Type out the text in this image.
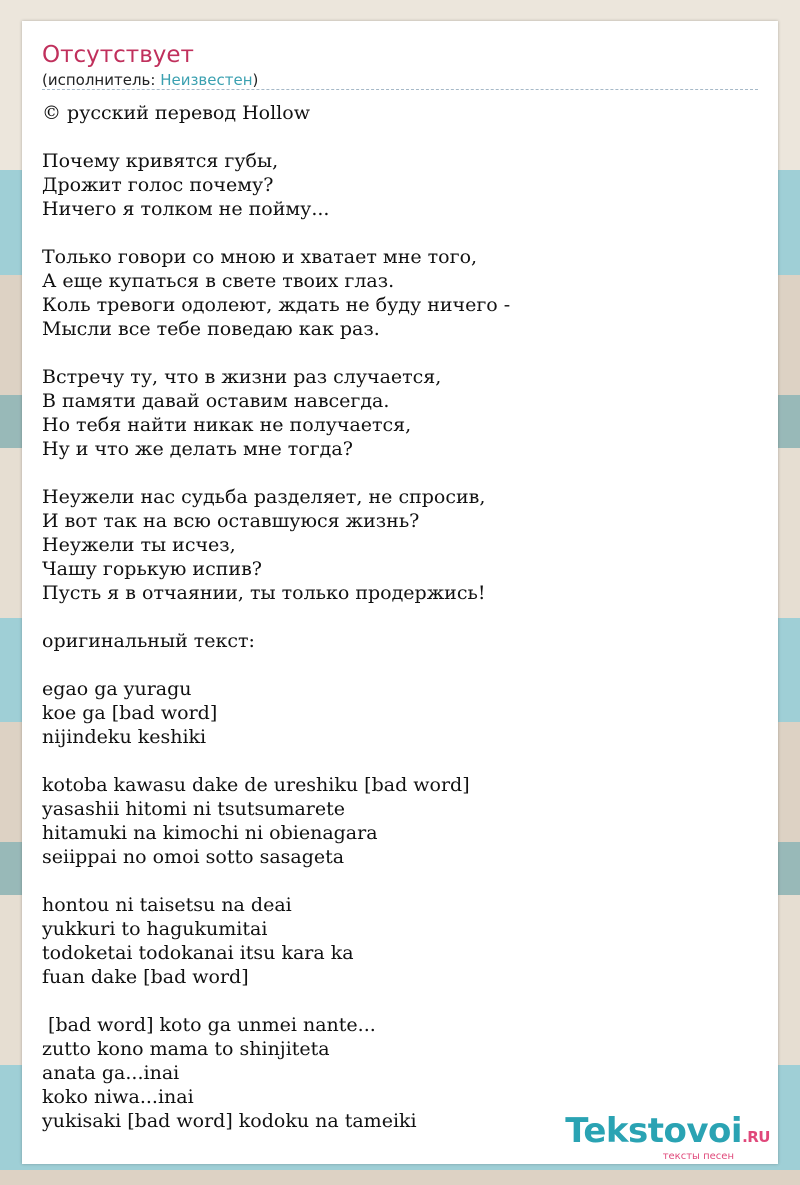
Отсутствует
(исполнитель: Неизвестен)
© русский перевод Hollow
Почему кривятся губы,
Дрожит голос почему?
Ничего я толком не пойму...
Только говори со мною и хватает мне того,
А еще купаться в свете твоих глаз.
Коль тревоги одолеют, ждать не буду ничего -
Мысли все тебе поведаю как раз.
Встречу ту, что в жизни раз случается,
В памяти давай оставим навсегда.
Но тебя найти никак не получается,
Ну и что же делать мне тогда?
Неужели нас судьба разделяет, не спросив,
И вот так на всю оставшуюся жизнь?
Неужели ты исчез,
Чашу горькую испив?
Пусть я в отчаянии, ты только продержись!
оригинальный текст:
egao ga yuragu
koe ga [bad word]
nijindeku keshiki
kotoba kawasu dake de ureshiku [bad word]
yasashii hitomi ni tsutsumarete
hitamuki na kimochi ni obienagara
seiippai no omoi sotto sasageta
hontou ni taisetsu na deai
yukkuri to hagukumitai
todoketai todokanai itsu kara ka
fuan dake [bad word]
[bad word] koto ga unmei nante...
zutto kono mama to shinjiteta
anata ga...inai
koko niwa...inai
yukisaki [bad word] kodoku na tameiki	Tekstovoi.RU
тексты песен
